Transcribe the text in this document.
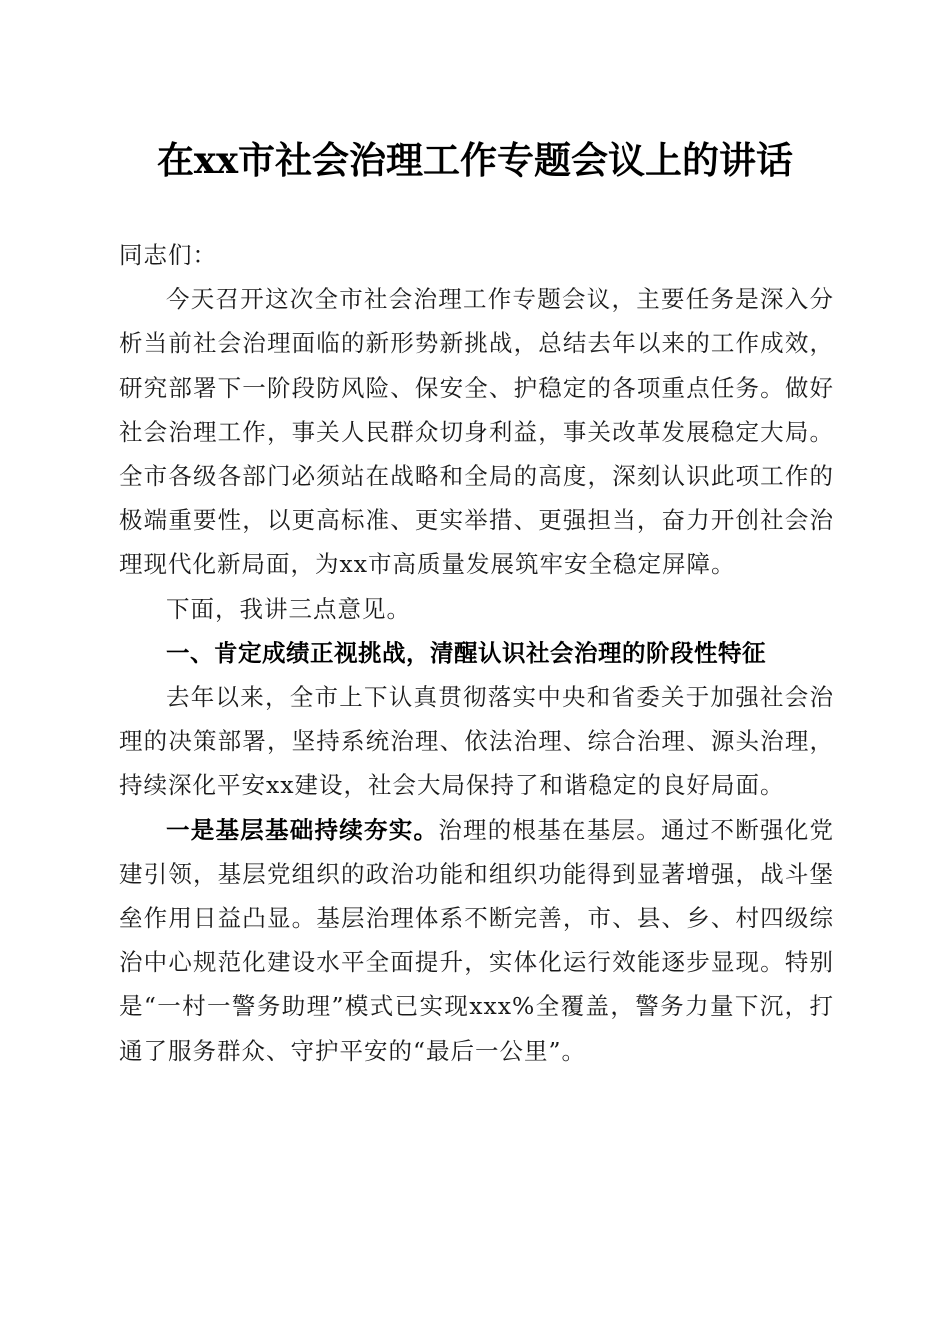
在xx市社会治理工作专题会议上的讲话

同志们：

今天召开这次全市社会治理工作专题会议，主要任务是深入分析当前社会治理面临的新形势新挑战，总结去年以来的工作成效，研究部署下一阶段防风险、保安全、护稳定的各项重点任务。做好社会治理工作，事关人民群众切身利益，事关改革发展稳定大局。全市各级各部门必须站在战略和全局的高度，深刻认识此项工作的极端重要性，以更高标准、更实举措、更强担当，奋力开创社会治理现代化新局面，为xx市高质量发展筑牢安全稳定屏障。

下面，我讲三点意见。

一、肯定成绩正视挑战，清醒认识社会治理的阶段性特征

去年以来，全市上下认真贯彻落实中央和省委关于加强社会治理的决策部署，坚持系统治理、依法治理、综合治理、源头治理，持续深化平安xx建设，社会大局保持了和谐稳定的良好局面。

一是基层基础持续夯实。治理的根基在基层。通过不断强化党建引领，基层党组织的政治功能和组织功能得到显著增强，战斗堡垒作用日益凸显。基层治理体系不断完善，市、县、乡、村四级综治中心规范化建设水平全面提升，实体化运行效能逐步显现。特别是“一村一警务助理”模式已实现xxx%全覆盖，警务力量下沉，打通了服务群众、守护平安的“最后一公里”。
